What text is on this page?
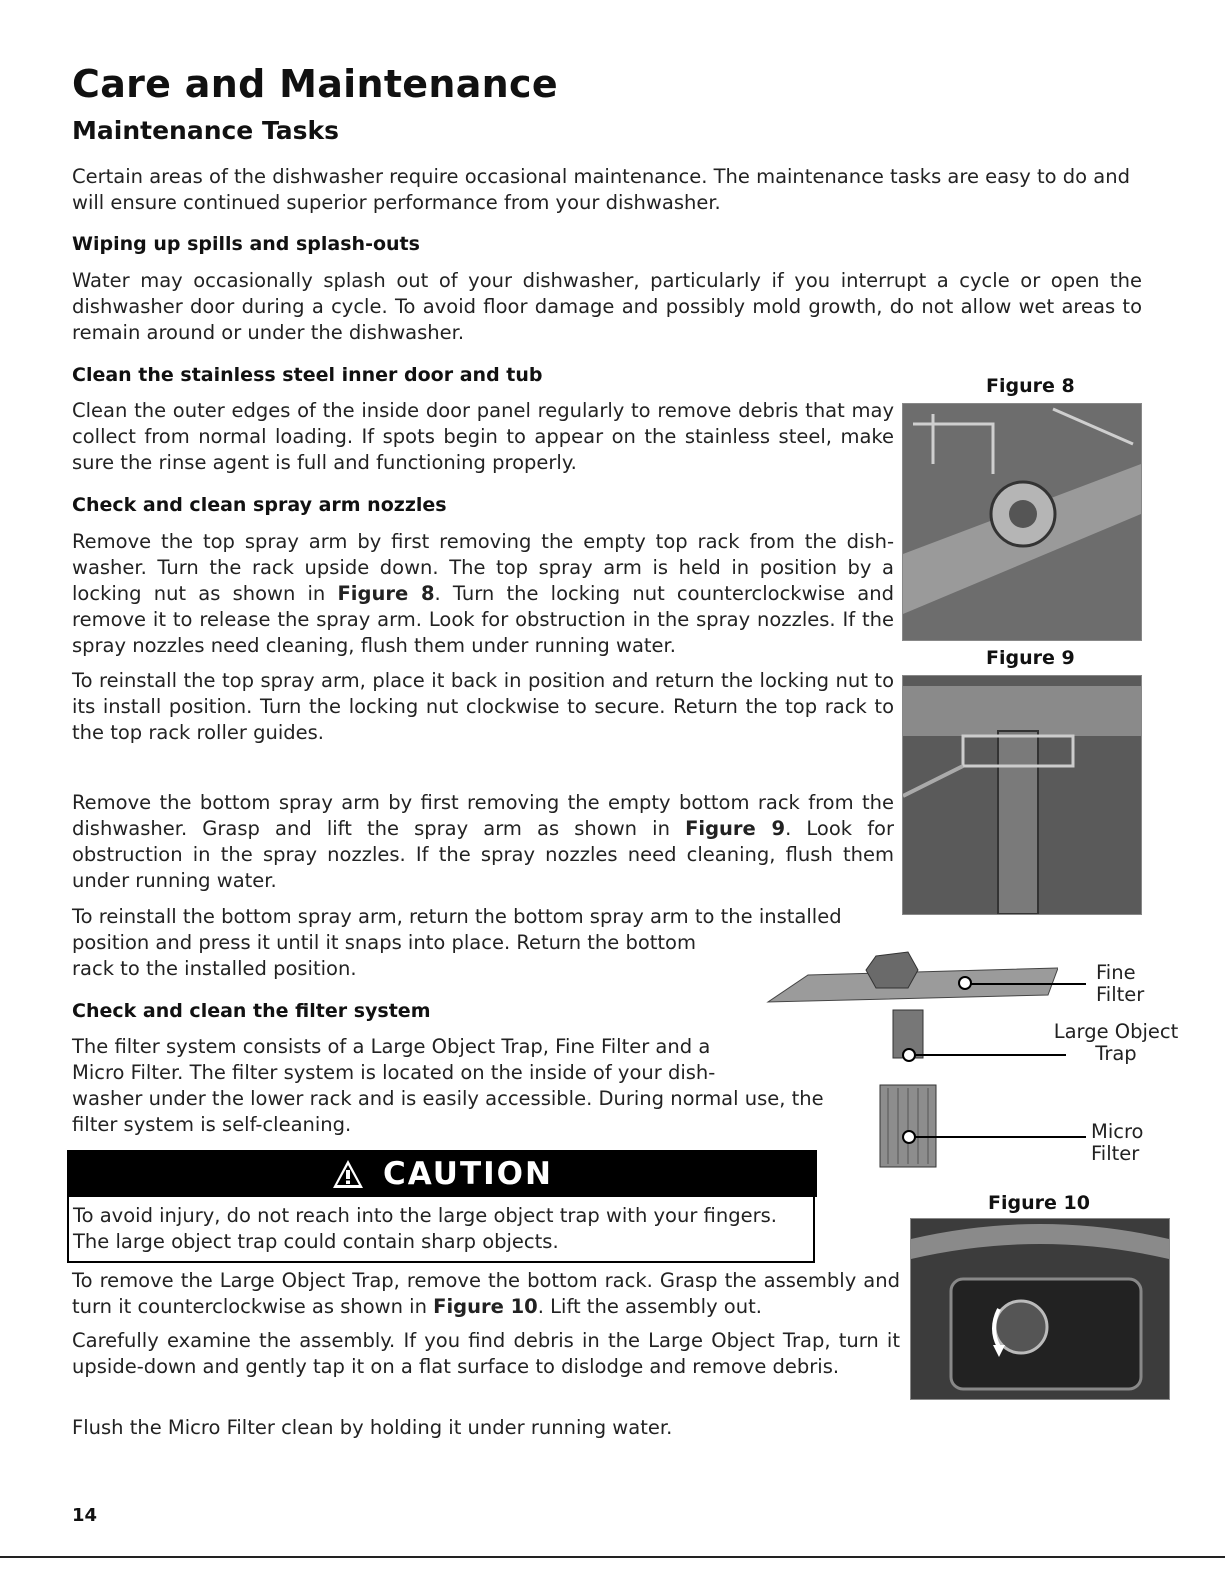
Care and Maintenance
Maintenance Tasks
Certain areas of the dishwasher require occasional maintenance. The maintenance tasks are easy to do and will ensure continued superior performance from your dishwasher.
Wiping up spills and splash-outs
Water may occasionally splash out of your dishwasher, particularly if you interrupt a cycle or open the dishwasher door during a cycle. To avoid floor damage and possibly mold growth, do not allow wet areas to remain around or under the dishwasher.
Clean the stainless steel inner door and tub
Clean the outer edges of the inside door panel regularly to remove debris that may collect from normal loading. If spots begin to appear on the stainless steel, make sure the rinse agent is full and functioning properly.
Check and clean spray arm nozzles
Remove the top spray arm by first removing the empty top rack from the dish-washer. Turn the rack upside down. The top spray arm is held in position by a locking nut as shown in Figure 8. Turn the locking nut counterclockwise and remove it to release the spray arm. Look for obstruction in the spray nozzles. If the spray nozzles need cleaning, flush them under running water.
To reinstall the top spray arm, place it back in position and return the locking nut to its install position. Turn the locking nut clockwise to secure. Return the top rack to the top rack roller guides.
Remove the bottom spray arm by first removing the empty bottom rack from the dishwasher. Grasp and lift the spray arm as shown in Figure 9. Look for obstruction in the spray nozzles. If the spray nozzles need cleaning, flush them under running water.
To reinstall the bottom spray arm, return the bottom spray arm to the installed
position and press it until it snaps into place. Return the bottom
rack to the installed position.
Check and clean the filter system
The filter system consists of a Large Object Trap, Fine Filter and a
Micro Filter. The filter system is located on the inside of your dish-
washer under the lower rack and is easily accessible. During normal use, the
filter system is self-cleaning.
CAUTION
To avoid injury, do not reach into the large object trap with your fingers.
The large object trap could contain sharp objects.
To remove the Large Object Trap, remove the bottom rack. Grasp the assembly and turn it counterclockwise as shown in Figure 10. Lift the assembly out.
Carefully examine the assembly. If you find debris in the Large Object Trap, turn it upside-down and gently tap it on a flat surface to dislodge and remove debris.
Flush the Micro Filter clean by holding it under running water.
Figure 8
Figure 9
Fine
Filter
Large Object
Trap
Micro
Filter
Figure 10
14
